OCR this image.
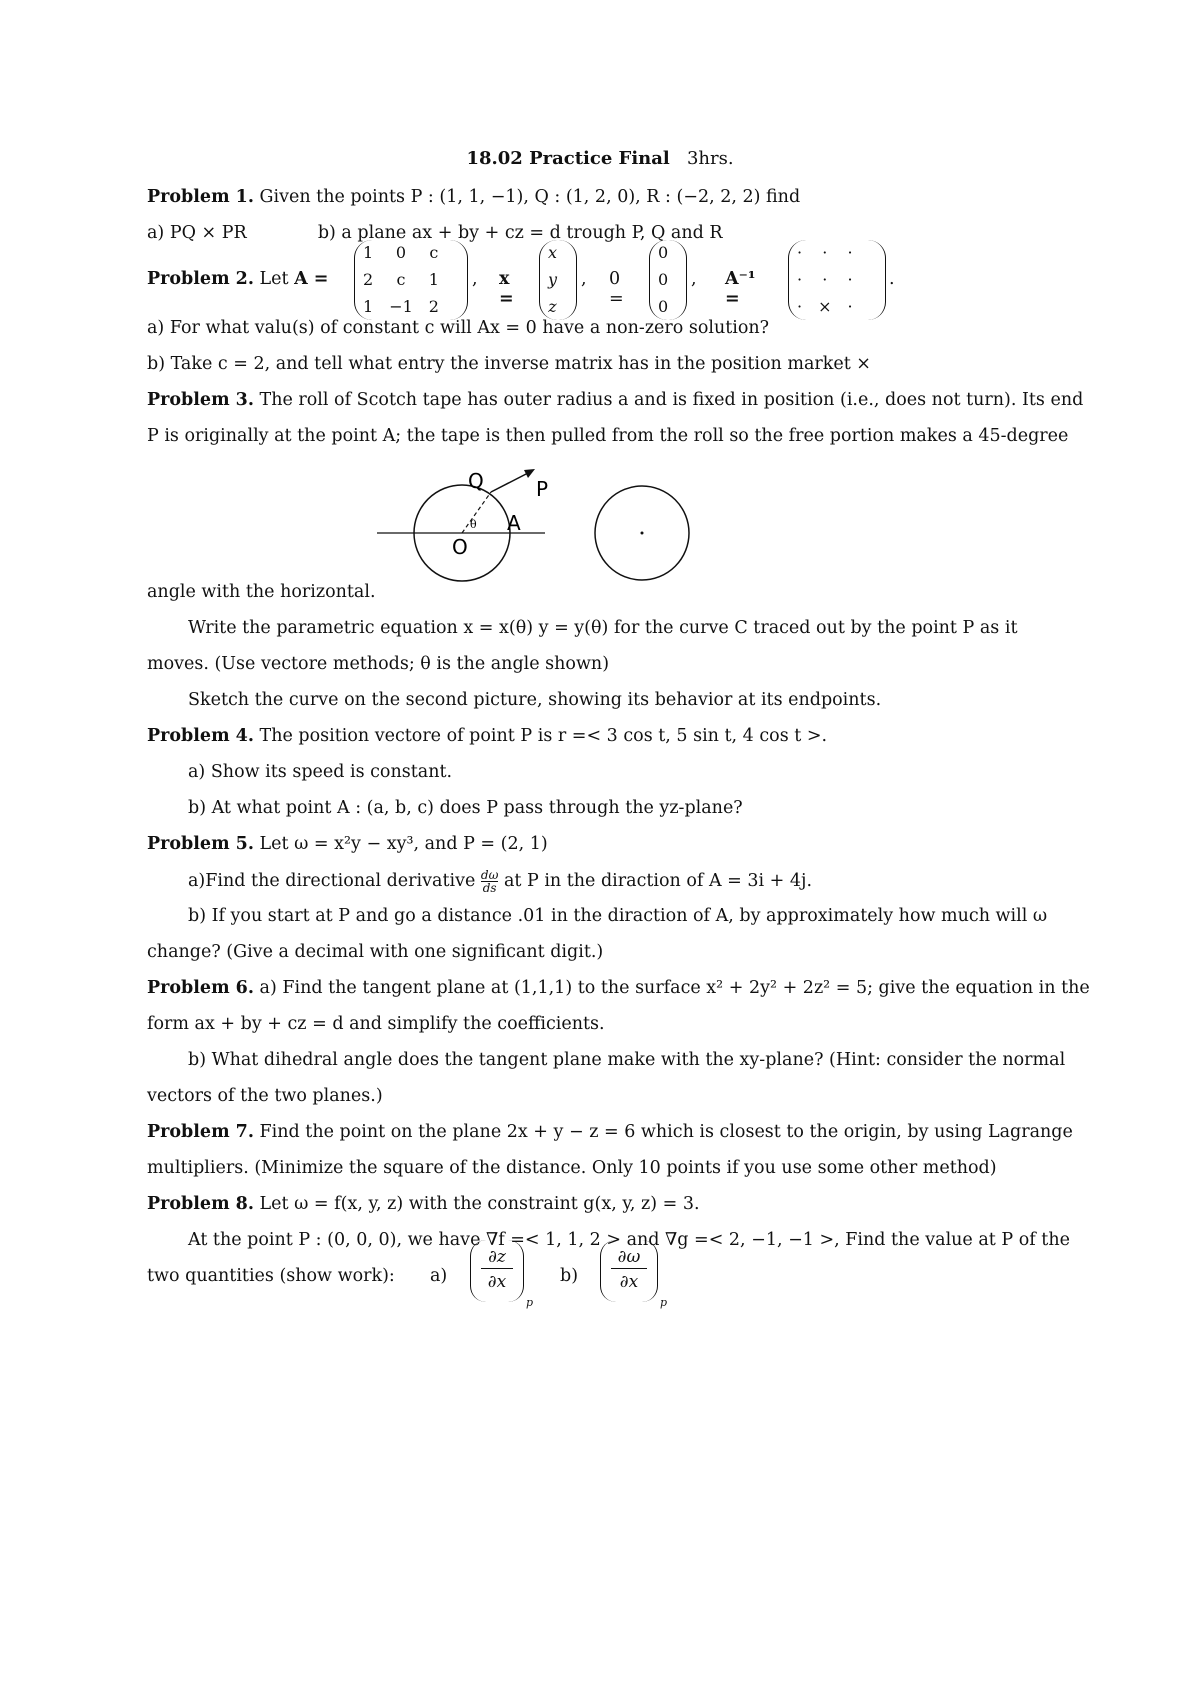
18.02 Practice Final 3hrs.
Problem 1. Given the points P : (1, 1, −1), Q : (1, 2, 0), R : (−2, 2, 2) find
a) PQ × PR	b) a plane ax + by + cz = d trough P, Q and R
Problem 2. Let A =
1	0	c
2	c	1
1	−1	2
, x =
x
y
z
, 0 =
0
0
0
, A⁻¹ =
·	·	·
·	·	·
·	×	·
.
a) For what valu(s) of constant c will Ax = 0 have a non-zero solution?
b) Take c = 2, and tell what entry the inverse matrix has in the position market ×
Problem 3. The roll of Scotch tape has outer radius a and is fixed in position (i.e., does not turn). Its end
P is originally at the point A; the tape is then pulled from the roll so the free portion makes a 45-degree
θ
Q	P
A
O
angle with the horizontal.
Write the parametric equation x = x(θ) y = y(θ) for the curve C traced out by the point P as it
moves. (Use vectore methods; θ is the angle shown)
Sketch the curve on the second picture, showing its behavior at its endpoints.
Problem 4. The position vectore of point P is r =< 3 cos t, 5 sin t, 4 cos t >.
a) Show its speed is constant.
b) At what point A : (a, b, c) does P pass through the yz-plane?
Problem 5. Let ω = x²y − xy³, and P = (2, 1)
a)Find the directional derivative $\frac{d\omega}{ds}$ at P in the diraction of A = 3i + 4j.
b) If you start at P and go a distance .01 in the diraction of A, by approximately how much will ω
change? (Give a decimal with one significant digit.)
Problem 6. a) Find the tangent plane at (1,1,1) to the surface x² + 2y² + 2z² = 5; give the equation in the
form ax + by + cz = d and simplify the coefficients.
b) What dihedral angle does the tangent plane make with the xy-plane? (Hint: consider the normal
vectors of the two planes.)
Problem 7. Find the point on the plane 2x + y − z = 6 which is closest to the origin, by using Lagrange
multipliers. (Minimize the square of the distance. Only 10 points if you use some other method)
Problem 8. Let ω = f(x, y, z) with the constraint g(x, y, z) = 3.
At the point P : (0, 0, 0), we have ∇f =< 1, 1, 2 > and ∇g =< 2, −1, −1 >, Find the value at P of the
two quantities (show work):	$a) \frac{\partial z}{\partial x}$
p
$b) \frac{\partial\omega}{\partial x}$
p
